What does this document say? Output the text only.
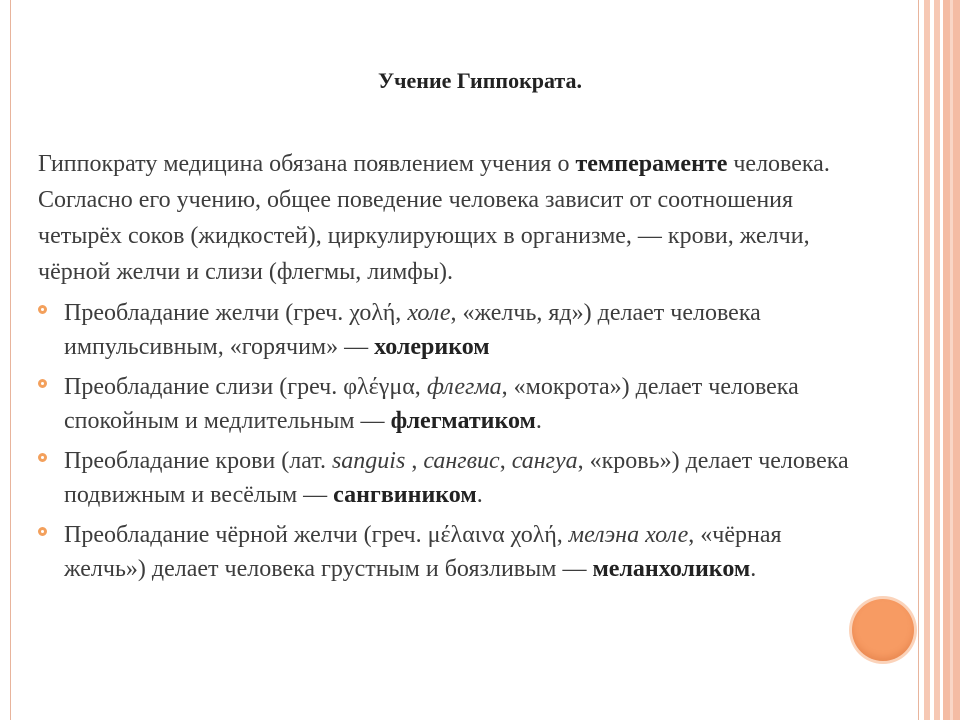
Учение Гиппократа.

Гиппократу медицина обязана появлением учения о темпераменте человека. Согласно его учению, общее поведение человека зависит от соотношения четырёх соков (жидкостей), циркулирующих в организме, — крови, желчи, чёрной желчи и слизи (флегмы, лимфы).

Преобладание желчи (греч. χολή, холе, «желчь, яд») делает человека импульсивным, «горячим» — холериком
Преобладание слизи (греч. φλέγμα, флегма, «мокрота») делает человека спокойным и медлительным — флегматиком.
Преобладание крови (лат. sanguis , сангвис, сангуа, «кровь») делает человека подвижным и весёлым — сангвиником.
Преобладание чёрной желчи (греч. μέλαινα χολή, мелэна холе, «чёрная желчь») делает человека грустным и боязливым — меланхоликом.
